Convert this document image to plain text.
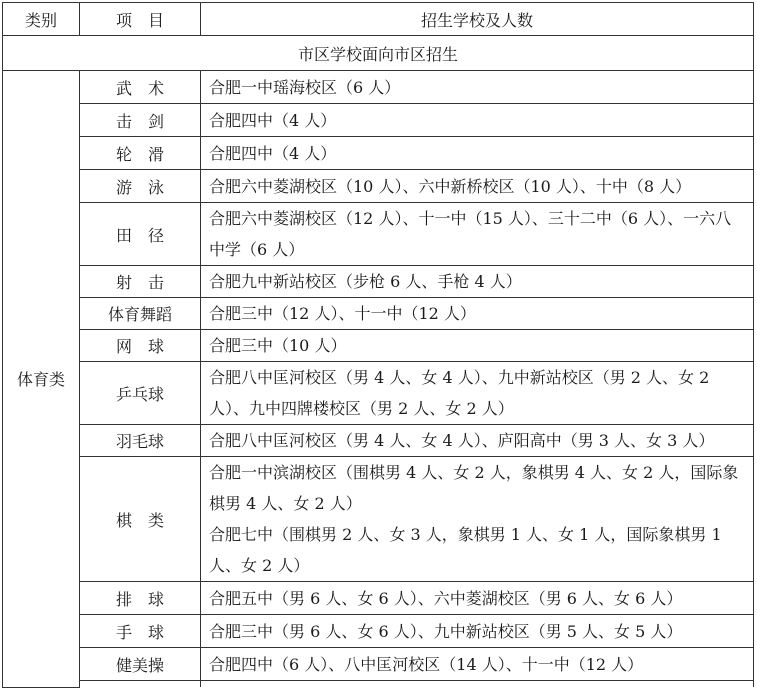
类别	项　目	招生学校及人数
市区学校面向市区招生		
体育类	武　术	合肥一中瑶海校区（6 人）

	击　剑	合肥四中（4 人）

	轮　滑	合肥四中（4 人）

	游　泳	合肥六中菱湖校区（10 人）、六中新桥校区（10 人）、十中（8 人）

	田　径	合肥六中菱湖校区（12 人）、十一中（15 人）、三十二中（6 人）、一六八中学（6 人）

	射　击	合肥九中新站校区（步枪 6 人、手枪 4 人）

	体育舞蹈	合肥三中（12 人）、十一中（12 人）

	网　球	合肥三中（10 人）

	乒乓球	合肥八中匡河校区（男 4 人、女 4 人）、九中新站校区（男 2 人、女 2 人）、九中四牌楼校区（男 2 人、女 2 人）

	羽毛球	合肥八中匡河校区（男 4 人、女 4 人）、庐阳高中（男 3 人、女 3 人）

	棋　类	合肥一中滨湖校区（围棋男 4 人、女 2 人，象棋男 4 人、女 2 人，国际象棋男 4 人、女 2 人）
合肥七中（围棋男 2 人、女 3 人，象棋男 1 人、女 1 人，国际象棋男 1 人、女 2 人）

	排　球	合肥五中（男 6 人、女 6 人）、六中菱湖校区（男 6 人、女 6 人）

	手　球	合肥三中（男 6 人、女 6 人）、九中新站校区（男 5 人、女 5 人）

	健美操	合肥四中（6 人）、八中匡河校区（14 人）、十一中（12 人）
